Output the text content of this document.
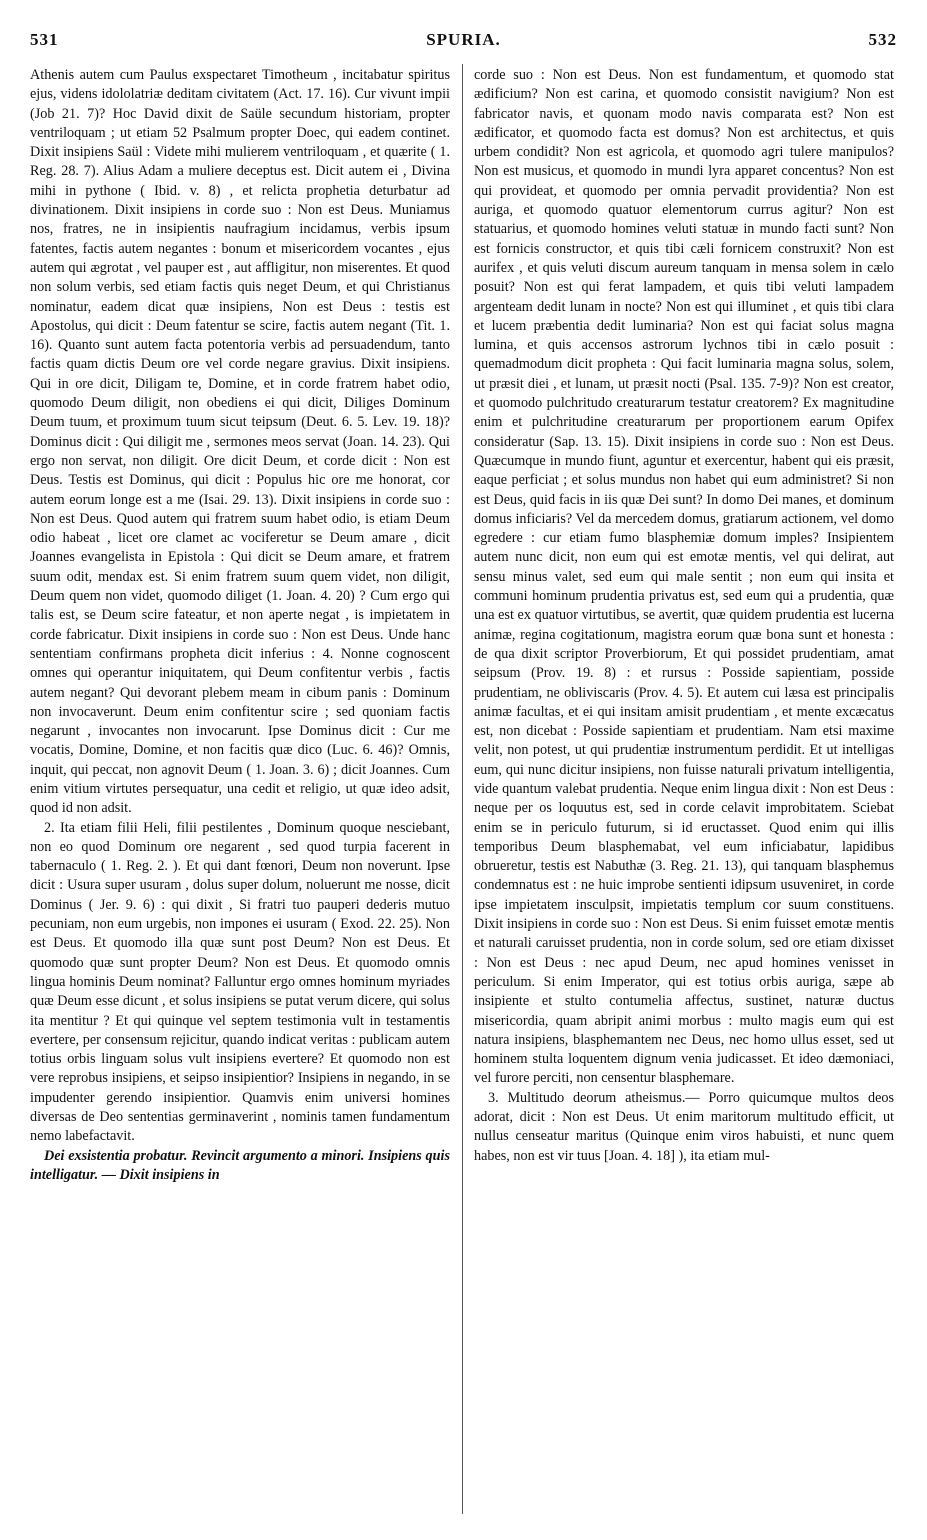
531	SPURIA.	532

Athenis autem cum Paulus exspectaret Timotheum , incitabatur spiritus ejus, videns idololatriæ deditam civitatem (Act. 17. 16). Cur vivunt impii (Job 21. 7)? Hoc David dixit de Saüle secundum historiam, propter ventriloquam ; ut etiam 52 Psalmum propter Doec, qui eadem continet. Dixit insipiens Saül : Videte mihi mulierem ventriloquam , et quærite ( 1. Reg. 28. 7). Alius Adam a muliere deceptus est. Dicit autem ei , Divina mihi in pythone ( Ibid. v. 8) , et relicta prophetia deturbatur ad divinationem. Dixit insipiens in corde suo : Non est Deus. Muniamus nos, fratres, ne in insipientis naufragium incidamus, verbis ipsum fatentes, factis autem negantes : bonum et misericordem vocantes , ejus autem qui ægrotat , vel pauper est , aut affligitur, non miserentes. Et quod non solum verbis, sed etiam factis quis neget Deum, et qui Christianus nominatur, eadem dicat quæ insipiens, Non est Deus : testis est Apostolus, qui dicit : Deum fatentur se scire, factis autem negant (Tit. 1. 16). Quanto sunt autem facta potentoria verbis ad persuadendum, tanto factis quam dictis Deum ore vel corde negare gravius. Dixit insipiens. Qui in ore dicit, Diligam te, Domine, et in corde fratrem habet odio, quomodo Deum diligit, non obediens ei qui dicit, Diliges Dominum Deum tuum, et proximum tuum sicut teipsum (Deut. 6. 5. Lev. 19. 18)? Dominus dicit : Qui diligit me , sermones meos servat (Joan. 14. 23). Qui ergo non servat, non diligit. Ore dicit Deum, et corde dicit : Non est Deus. Testis est Dominus, qui dicit : Populus hic ore me honorat, cor autem eorum longe est a me (Isai. 29. 13). Dixit insipiens in corde suo : Non est Deus. Quod autem qui fratrem suum habet odio, is etiam Deum odio habeat , licet ore clamet ac vociferetur se Deum amare , dicit Joannes evangelista in Epistola : Qui dicit se Deum amare, et fratrem suum odit, mendax est. Si enim fratrem suum quem videt, non diligit, Deum quem non videt, quomodo diliget (1. Joan. 4. 20) ? Cum ergo qui talis est, se Deum scire fateatur, et non aperte negat , is impietatem in corde fabricatur. Dixit insipiens in corde suo : Non est Deus. Unde hanc sententiam confirmans propheta dicit inferius : 4. Nonne cognoscent omnes qui operantur iniquitatem, qui Deum confitentur verbis , factis autem negant? Qui devorant plebem meam in cibum panis : Dominum non invocaverunt. Deum enim confitentur scire ; sed quoniam factis negarunt , invocantes non invocarunt. Ipse Dominus dicit : Cur me vocatis, Domine, Domine, et non facitis quæ dico (Luc. 6. 46)? Omnis, inquit, qui peccat, non agnovit Deum ( 1. Joan. 3. 6) ; dicit Joannes. Cum enim vitium virtutes persequatur, una cedit et religio, ut quæ ideo adsit, quod id non adsit.

2. Ita etiam filii Heli, filii pestilentes , Dominum quoque nesciebant, non eo quod Dominum ore negarent , sed quod turpia facerent in tabernaculo ( 1. Reg. 2. ). Et qui dant fœnori, Deum non noverunt. Ipse dicit : Usura super usuram , dolus super dolum, noluerunt me nosse, dicit Dominus ( Jer. 9. 6) : qui dixit , Si fratri tuo pauperi dederis mutuo pecuniam, non eum urgebis, non impones ei usuram ( Exod. 22. 25). Non est Deus. Et quomodo illa quæ sunt post Deum? Non est Deus. Et quomodo quæ sunt propter Deum? Non est Deus. Et quomodo omnis lingua hominis Deum nominat? Falluntur ergo omnes hominum myriades quæ Deum esse dicunt , et solus insipiens se putat verum dicere, qui solus ita mentitur ? Et qui quinque vel septem testimonia vult in testamentis evertere, per consensum rejicitur, quando indicat veritas : publicam autem totius orbis linguam solus vult insipiens evertere? Et quomodo non est vere reprobus insipiens, et seipso insipientior? Insipiens in negando, in se impudenter gerendo insipientior. Quamvis enim universi homines diversas de Deo sententias germinaverint , nominis tamen fundamentum nemo labefactavit.

Dei exsistentia probatur. Revincit argumento a minori. Insipiens quis intelligatur. — Dixit insipiens in

corde suo : Non est Deus. Non est fundamentum, et quomodo stat ædificium? Non est carina, et quomodo consistit navigium? Non est fabricator navis, et quonam modo navis comparata est? Non est ædificator, et quomodo facta est domus? Non est architectus, et quis urbem condidit? Non est agricola, et quomodo agri tulere manipulos? Non est musicus, et quomodo in mundi lyra apparet concentus? Non est qui provideat, et quomodo per omnia pervadit providentia? Non est auriga, et quomodo quatuor elementorum currus agitur? Non est statuarius, et quomodo homines veluti statuæ in mundo facti sunt? Non est fornicis constructor, et quis tibi cæli fornicem construxit? Non est aurifex , et quis veluti discum aureum tanquam in mensa solem in cælo posuit? Non est qui ferat lampadem, et quis tibi veluti lampadem argenteam dedit lunam in nocte? Non est qui illuminet , et quis tibi clara et lucem præbentia dedit luminaria? Non est qui faciat solus magna lumina, et quis accensos astrorum lychnos tibi in cælo posuit : quemadmodum dicit propheta : Qui facit luminaria magna solus, solem, ut præsit diei , et lunam, ut præsit nocti (Psal. 135. 7-9)? Non est creator, et quomodo pulchritudo creaturarum testatur creatorem? Ex magnitudine enim et pulchritudine creaturarum per proportionem earum Opifex consideratur (Sap. 13. 15). Dixit insipiens in corde suo : Non est Deus. Quæcumque in mundo fiunt, aguntur et exercentur, habent qui eis præsit, eaque perficiat ; et solus mundus non habet qui eum administret? Si non est Deus, quid facis in iis quæ Dei sunt? In domo Dei manes, et dominum domus inficiaris? Vel da mercedem domus, gratiarum actionem, vel domo egredere : cur etiam fumo blasphemiæ domum imples? Insipientem autem nunc dicit, non eum qui est emotæ mentis, vel qui delirat, aut sensu minus valet, sed eum qui male sentit ; non eum qui insita et communi hominum prudentia privatus est, sed eum qui a prudentia, quæ una est ex quatuor virtutibus, se avertit, quæ quidem prudentia est lucerna animæ, regina cogitationum, magistra eorum quæ bona sunt et honesta : de qua dixit scriptor Proverbiorum, Et qui possidet prudentiam, amat seipsum (Prov. 19. 8) : et rursus : Posside sapientiam, posside prudentiam, ne obliviscaris (Prov. 4. 5). Et autem cui læsa est principalis animæ facultas, et ei qui insitam amisit prudentiam , et mente excæcatus est, non dicebat : Posside sapientiam et prudentiam. Nam etsi maxime velit, non potest, ut qui prudentiæ instrumentum perdidit. Et ut intelligas eum, qui nunc dicitur insipiens, non fuisse naturali privatum intelligentia, vide quantum valebat prudentia. Neque enim lingua dixit : Non est Deus : neque per os loquutus est, sed in corde celavit improbitatem. Sciebat enim se in periculo futurum, si id eructasset. Quod enim qui illis temporibus Deum blasphemabat, vel eum inficiabatur, lapidibus obrueretur, testis est Nabuthæ (3. Reg. 21. 13), qui tanquam blasphemus condemnatus est : ne huic improbe sentienti idipsum usuveniret, in corde ipse impietatem insculpsit, impietatis templum cor suum constituens. Dixit insipiens in corde suo : Non est Deus. Si enim fuisset emotæ mentis et naturali caruisset prudentia, non in corde solum, sed ore etiam dixisset : Non est Deus : nec apud Deum, nec apud homines venisset in periculum. Si enim Imperator, qui est totius orbis auriga, sæpe ab insipiente et stulto contumelia affectus, sustinet, naturæ ductus misericordia, quam abripit animi morbus : multo magis eum qui est natura insipiens, blasphemantem nec Deus, nec homo ullus esset, sed ut hominem stulta loquentem dignum venia judicasset. Et ideo dæmoniaci, vel furore perciti, non censentur blasphemare.

3. Multitudo deorum atheismus.— Porro quicumque multos deos adorat, dicit : Non est Deus. Ut enim maritorum multitudo efficit, ut nullus censeatur maritus (Quinque enim viros habuisti, et nunc quem habes, non est vir tuus [Joan. 4. 18] ), ita etiam mul-
